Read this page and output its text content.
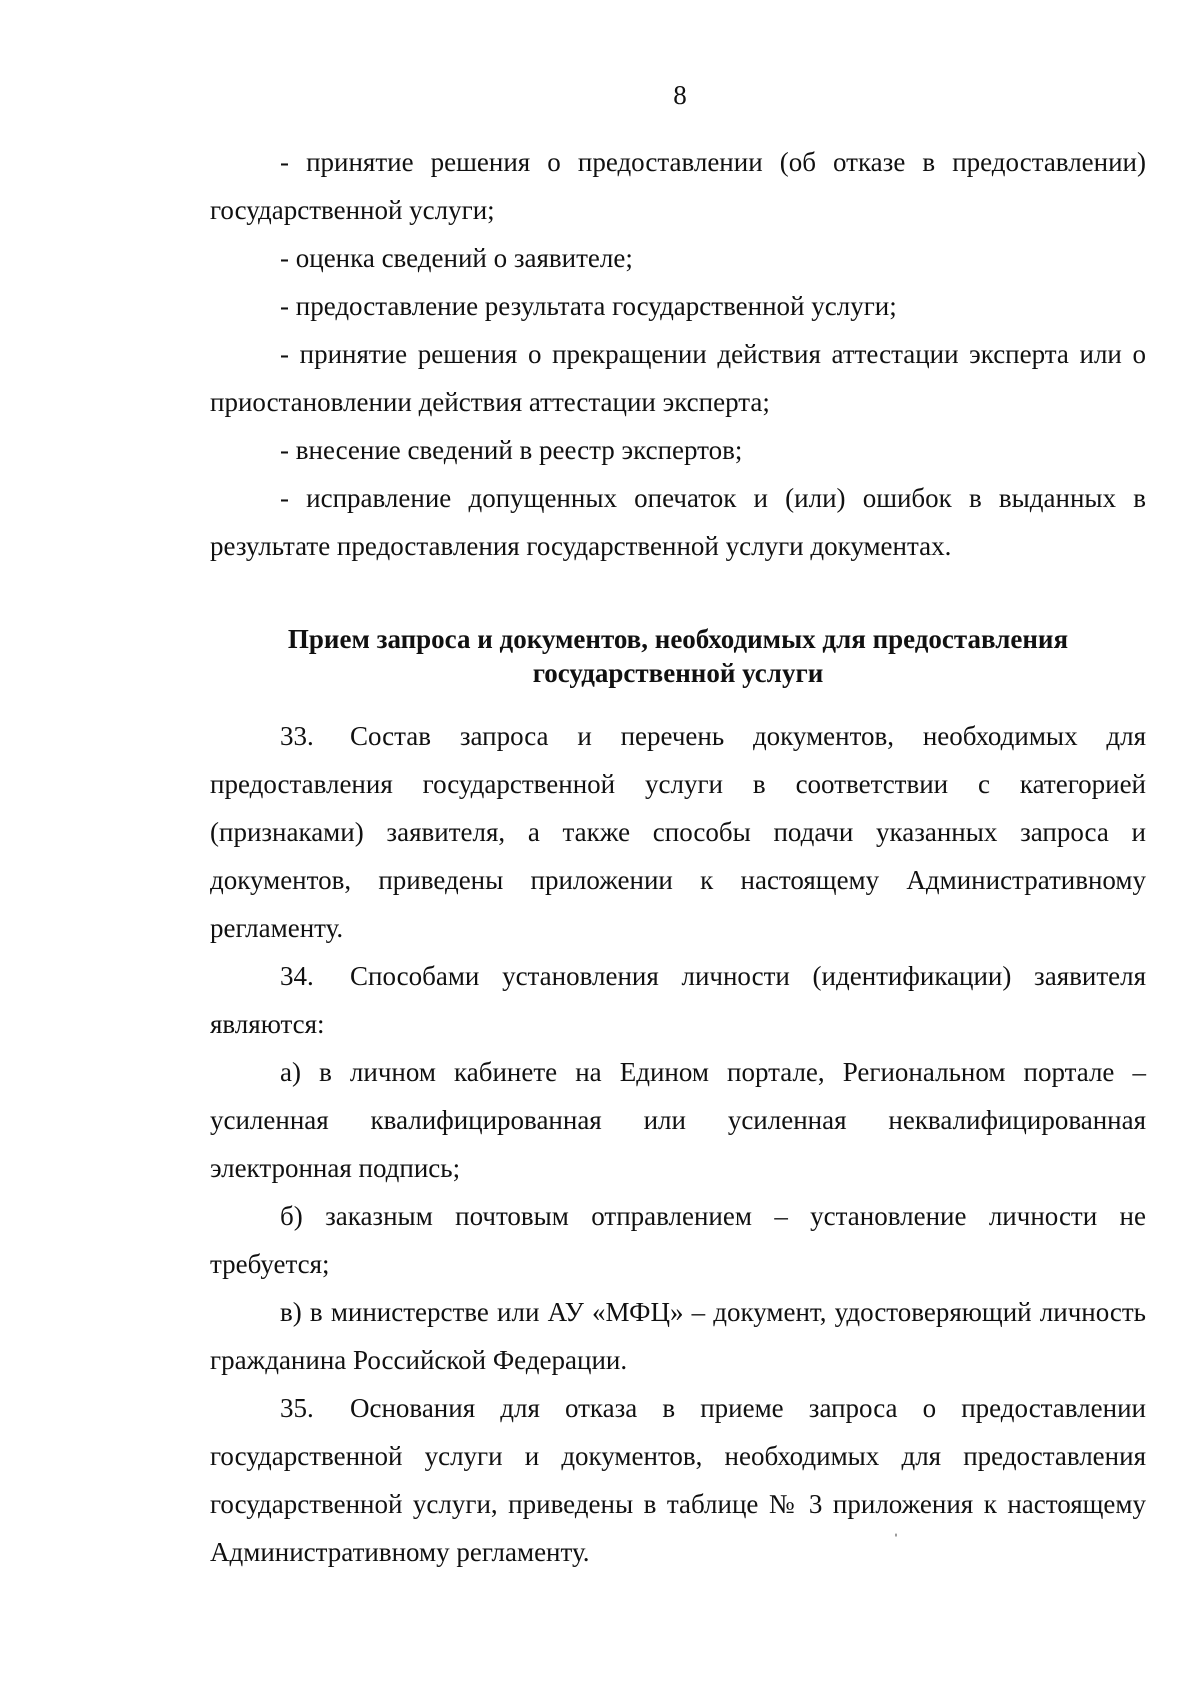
8

- принятие решения о предоставлении (об отказе в предоставлении) государственной услуги;

- оценка сведений о заявителе;

- предоставление результата государственной услуги;

- принятие решения о прекращении действия аттестации эксперта или о приостановлении действия аттестации эксперта;

- внесение сведений в реестр экспертов;

- исправление допущенных опечаток и (или) ошибок в выданных в результате предоставления государственной услуги документах.

Прием запроса и документов, необходимых для предоставления
государственной услуги

33. Состав запроса и перечень документов, необходимых для предоставления государственной услуги в соответствии с категорией (признаками) заявителя, а также способы подачи указанных запроса и документов, приведены приложении к настоящему Административному регламенту.

34. Способами установления личности (идентификации) заявителя являются:

а) в личном кабинете на Едином портале, Региональном портале – усиленная квалифицированная или усиленная неквалифицированная электронная подпись;

б) заказным почтовым отправлением – установление личности не требуется;

в) в министерстве или АУ «МФЦ» – документ, удостоверяющий личность гражданина Российской Федерации.

35. Основания для отказа в приеме запроса о предоставлении государственной услуги и документов, необходимых для предоставления государственной услуги, приведены в таблице № 3 приложения к настоящему Административному регламенту.	ˈ
